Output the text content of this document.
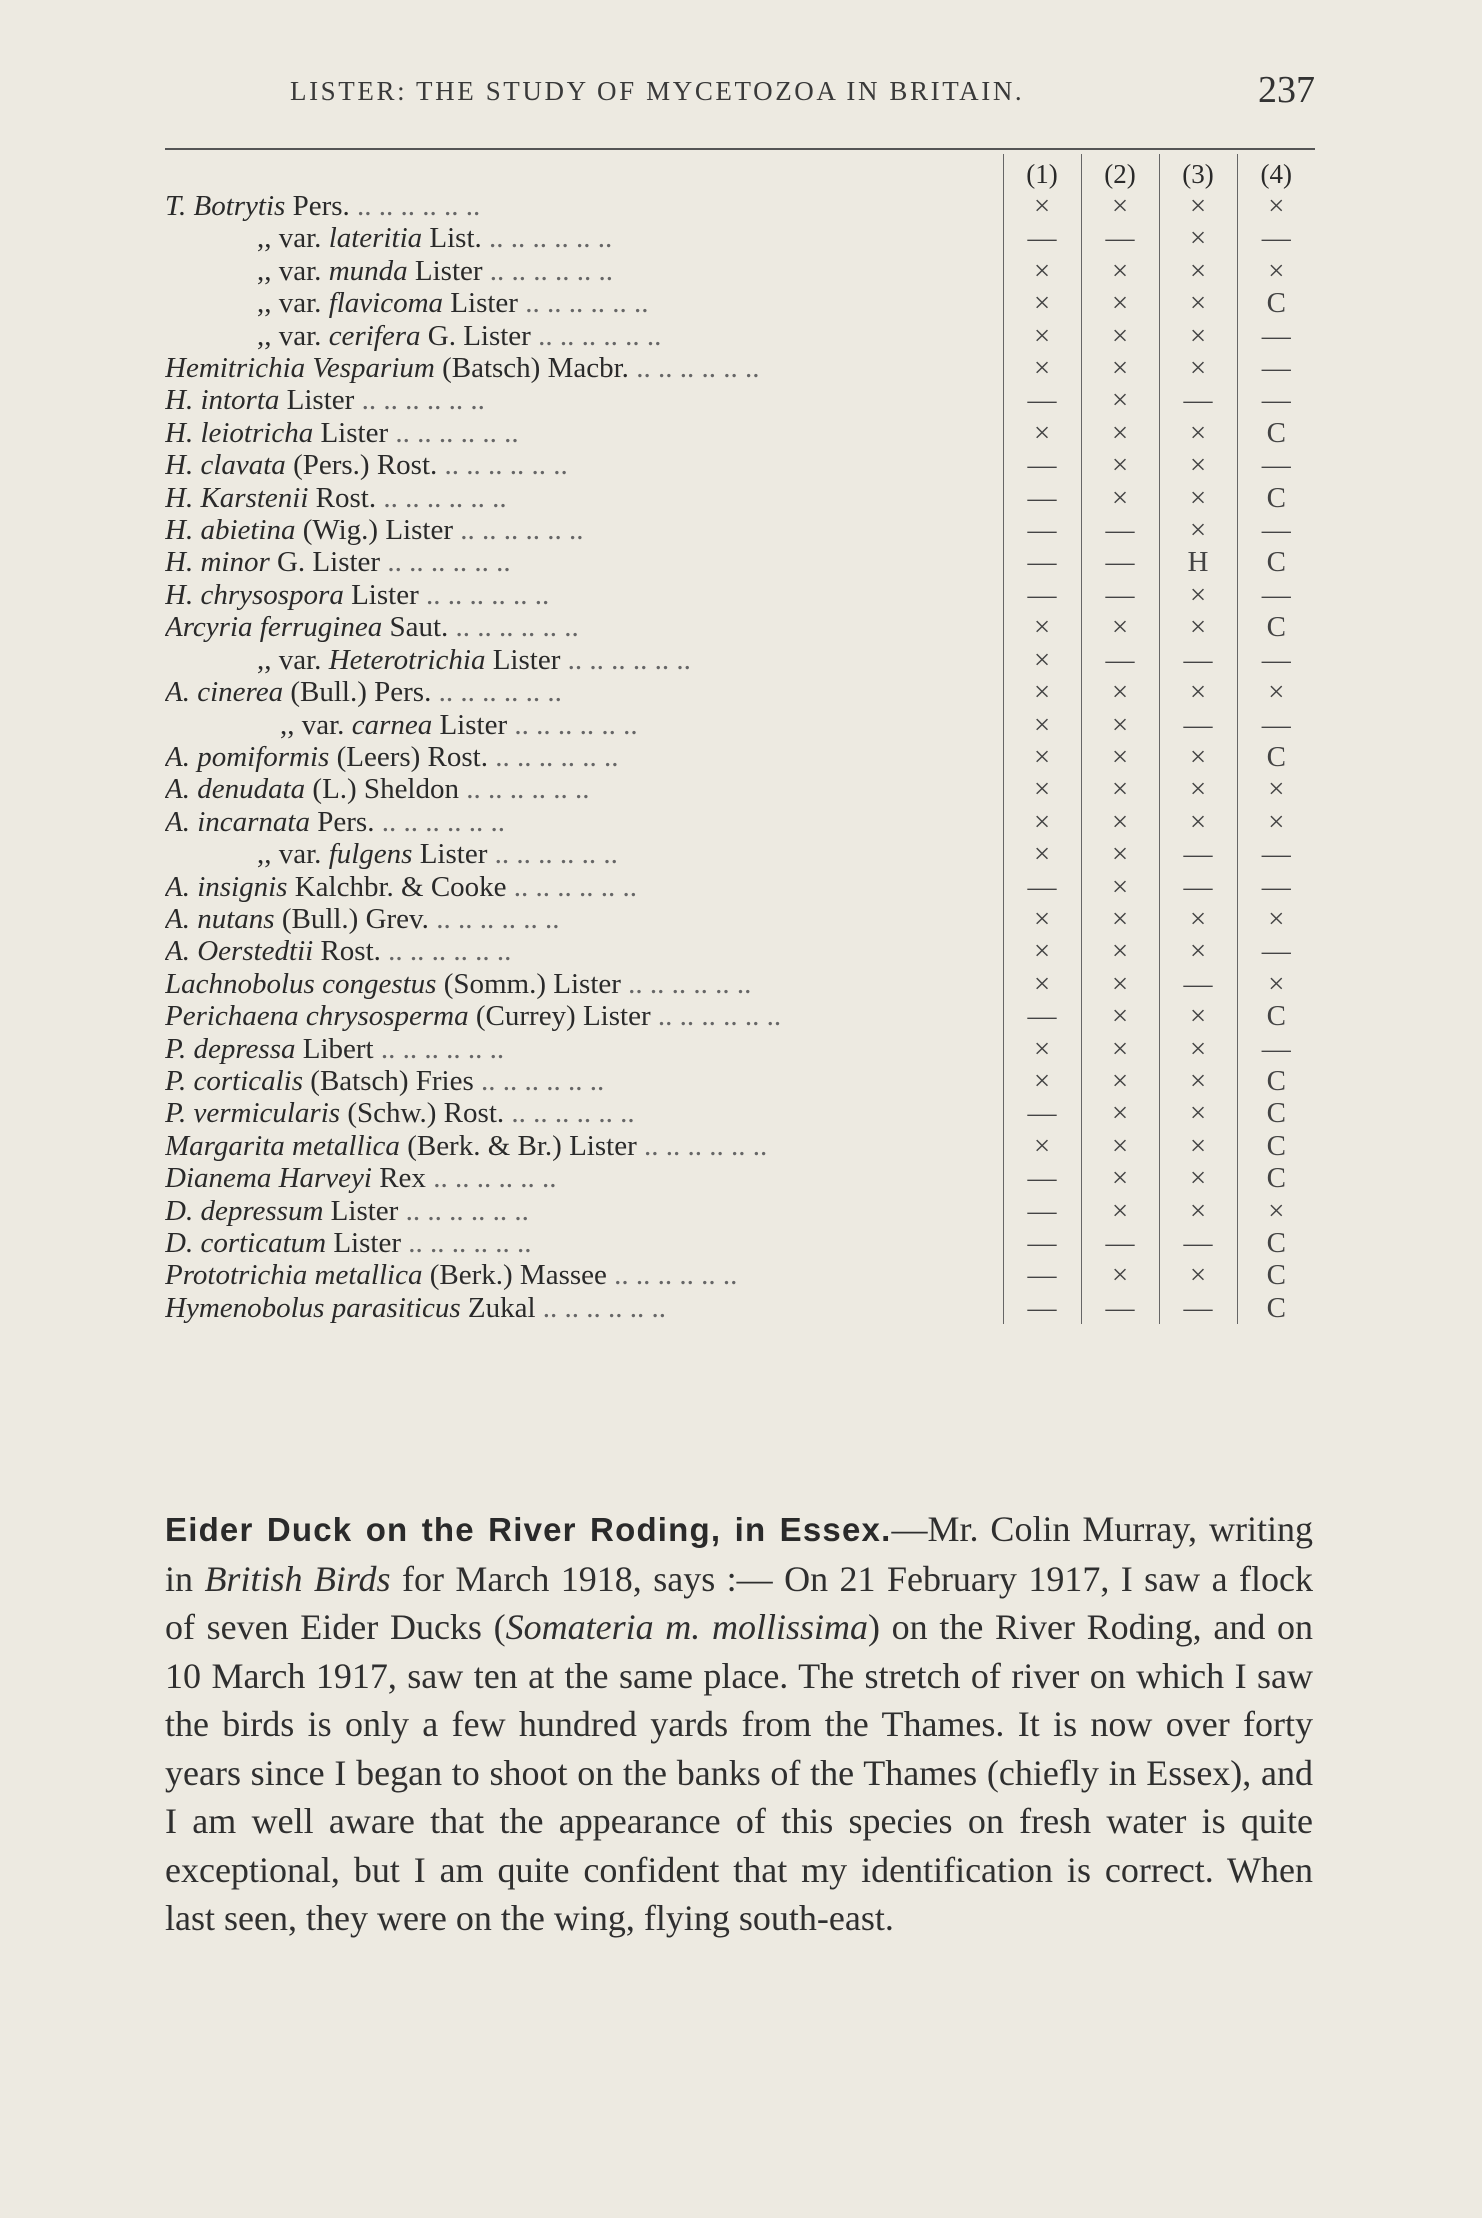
LISTER: THE STUDY OF MYCETOZOA IN BRITAIN.	237
	(1)	(2)	(3)	(4)
T. Botrytis Pers. .. .. .. .. .. ..	×	×	×	×
,, var. lateritia List. .. .. .. .. .. ..	—	—	×	—
,, var. munda Lister .. .. .. .. .. ..	×	×	×	×
,, var. flavicoma Lister .. .. .. .. .. ..	×	×	×	C
,, var. cerifera G. Lister .. .. .. .. .. ..	×	×	×	—
Hemitrichia Vesparium (Batsch) Macbr. .. .. .. .. .. ..	×	×	×	—
H. intorta Lister .. .. .. .. .. ..	—	×	—	—
H. leiotricha Lister .. .. .. .. .. ..	×	×	×	C
H. clavata (Pers.) Rost. .. .. .. .. .. ..	—	×	×	—
H. Karstenii Rost. .. .. .. .. .. ..	—	×	×	C
H. abietina (Wig.) Lister .. .. .. .. .. ..	—	—	×	—
H. minor G. Lister .. .. .. .. .. ..	—	—	H	C
H. chrysospora Lister .. .. .. .. .. ..	—	—	×	—
Arcyria ferruginea Saut. .. .. .. .. .. ..	×	×	×	C
,, var. Heterotrichia Lister .. .. .. .. .. ..	×	—	—	—
A. cinerea (Bull.) Pers. .. .. .. .. .. ..	×	×	×	×
,, var. carnea Lister .. .. .. .. .. ..	×	×	—	—
A. pomiformis (Leers) Rost. .. .. .. .. .. ..	×	×	×	C
A. denudata (L.) Sheldon .. .. .. .. .. ..	×	×	×	×
A. incarnata Pers. .. .. .. .. .. ..	×	×	×	×
,, var. fulgens Lister .. .. .. .. .. ..	×	×	—	—
A. insignis Kalchbr. & Cooke .. .. .. .. .. ..	—	×	—	—
A. nutans (Bull.) Grev. .. .. .. .. .. ..	×	×	×	×
A. Oerstedtii Rost. .. .. .. .. .. ..	×	×	×	—
Lachnobolus congestus (Somm.) Lister .. .. .. .. .. ..	×	×	—	×
Perichaena chrysosperma (Currey) Lister .. .. .. .. .. ..	—	×	×	C
P. depressa Libert .. .. .. .. .. ..	×	×	×	—
P. corticalis (Batsch) Fries .. .. .. .. .. ..	×	×	×	C
P. vermicularis (Schw.) Rost. .. .. .. .. .. ..	—	×	×	C
Margarita metallica (Berk. & Br.) Lister .. .. .. .. .. ..	×	×	×	C
Dianema Harveyi Rex .. .. .. .. .. ..	—	×	×	C
D. depressum Lister .. .. .. .. .. ..	—	×	×	×
D. corticatum Lister .. .. .. .. .. ..	—	—	—	C
Prototrichia metallica (Berk.) Massee .. .. .. .. .. ..	—	×	×	C
Hymenobolus parasiticus Zukal .. .. .. .. .. ..	—	—	—	C

Eider Duck on the River Roding, in Essex.—Mr. Colin Murray, writing in British Birds for March 1918, says :— On 21 February 1917, I saw a flock of seven Eider Ducks (Somateria m. mollissima) on the River Roding, and on 10 March 1917, saw ten at the same place. The stretch of river on which I saw the birds is only a few hundred yards from the Thames. It is now over forty years since I began to shoot on the banks of the Thames (chiefly in Essex), and I am well aware that the appearance of this species on fresh water is quite exceptional, but I am quite confident that my identification is correct. When last seen, they were on the wing, flying south-east.
